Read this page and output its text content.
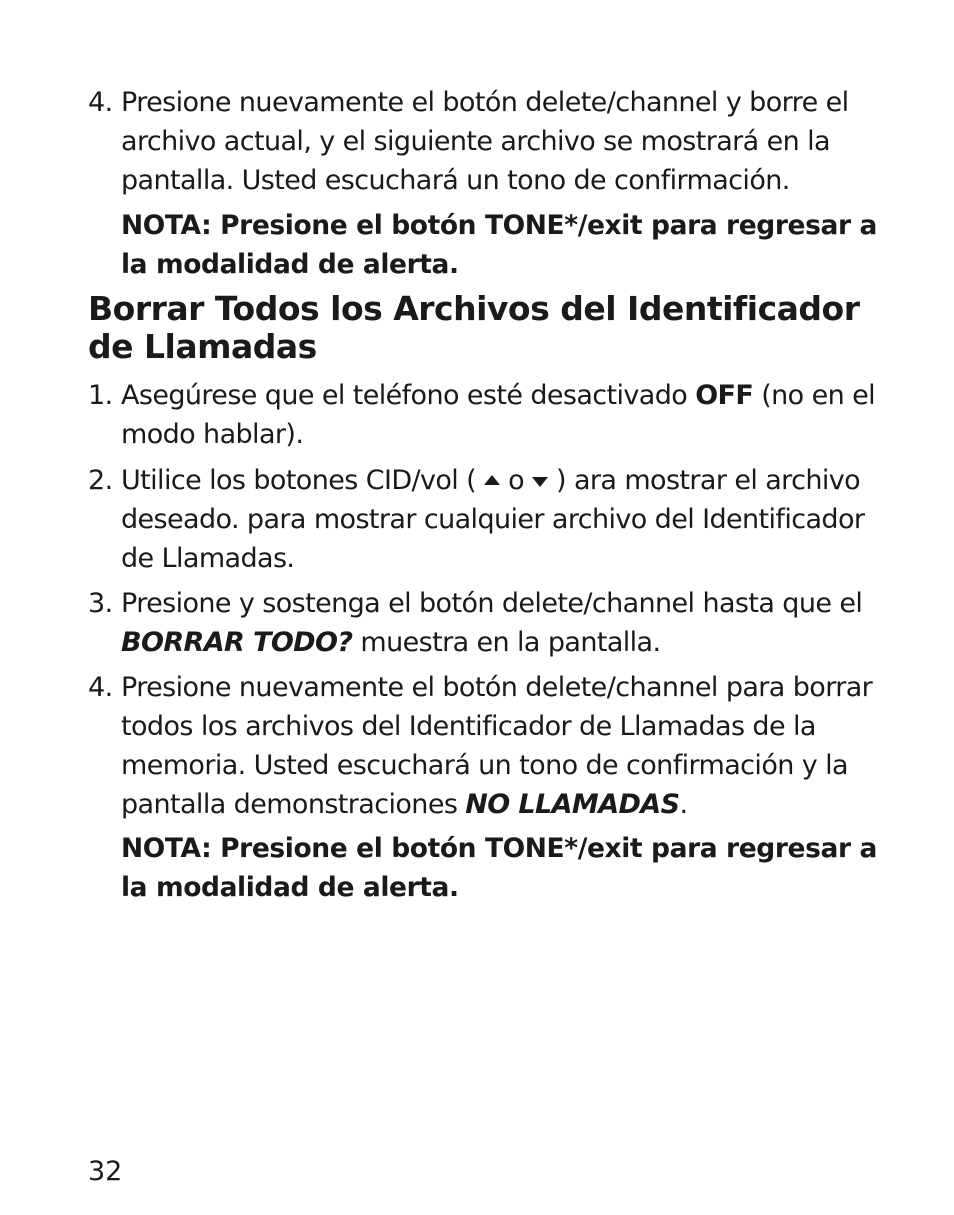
4. Presione nuevamente el botón delete/channel y borre el archivo actual, y el siguiente archivo se mostrará en la pantalla. Usted escuchará un tono de confirmación.
NOTA: Presione el botón TONE*/exit para regresar a la modalidad de alerta.
Borrar Todos los Archivos del Identificador de Llamadas
1. Asegúrese que el teléfono esté desactivado OFF (no en el modo hablar).
2. Utilice los botones CID/vol ( o ) ara mostrar el archivo deseado. para mostrar cualquier archivo del Identificador de Llamadas.
3. Presione y sostenga el botón delete/channel hasta que el BORRAR TODO? muestra en la pantalla.
4. Presione nuevamente el botón delete/channel para borrar todos los archivos del Identificador de Llamadas de la memoria. Usted escuchará un tono de confirmación y la pantalla demonstraciones NO LLAMADAS.
NOTA: Presione el botón TONE*/exit para regresar a la modalidad de alerta.
32
